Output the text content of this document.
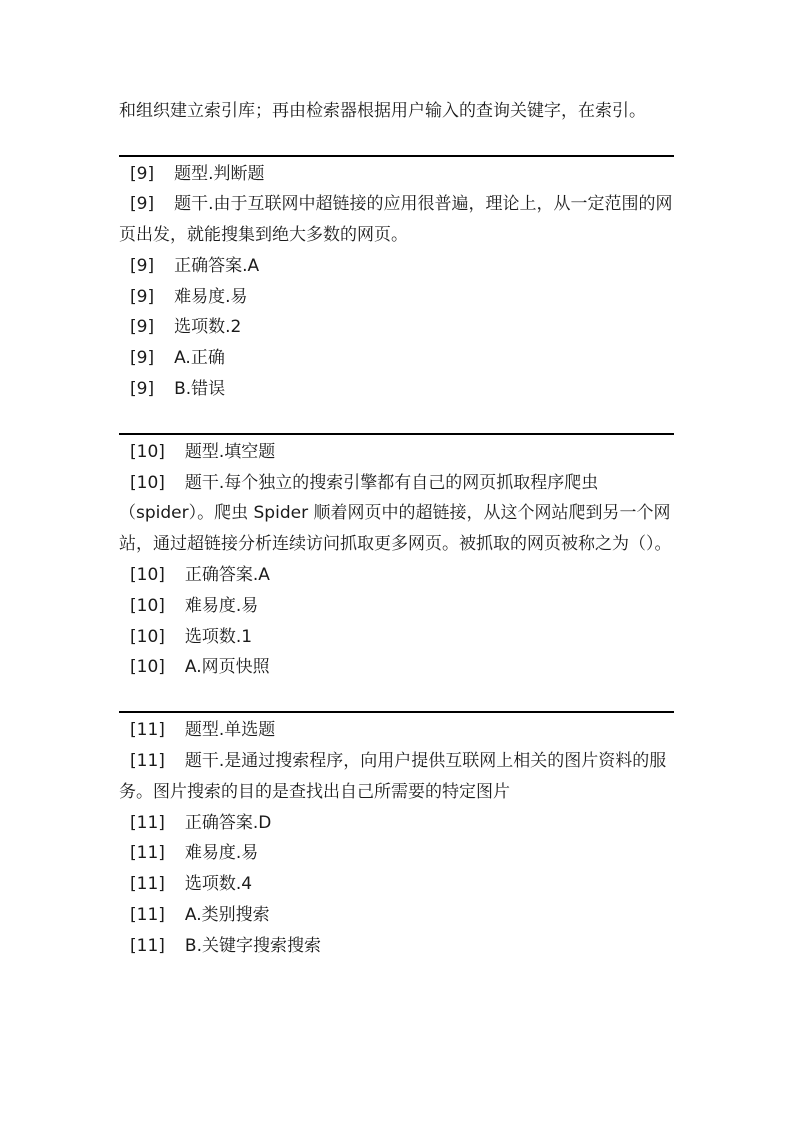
和组织建立索引库；再由检索器根据用户输入的查询关键字，在索引。

[9] 题型.判断题
[9] 题干.由于互联网中超链接的应用很普遍，理论上，从一定范围的网页出发，就能搜集到绝大多数的网页。
[9] 正确答案.A
[9] 难易度.易
[9] 选项数.2
[9] A.正确
[9] B.错误
[10] 题型.填空题
[10] 题干.每个独立的搜索引擎都有自己的网页抓取程序爬虫（spider）。爬虫 Spider 顺着网页中的超链接，从这个网站爬到另一个网站，通过超链接分析连续访问抓取更多网页。被抓取的网页被称之为（）。
[10] 正确答案.A
[10] 难易度.易
[10] 选项数.1
[10] A.网页快照
[11] 题型.单选题
[11] 题干.是通过搜索程序，向用户提供互联网上相关的图片资料的服务。图片搜索的目的是查找出自己所需要的特定图片
[11] 正确答案.D
[11] 难易度.易
[11] 选项数.4
[11] A.类别搜索
[11] B.关键字搜索搜索
